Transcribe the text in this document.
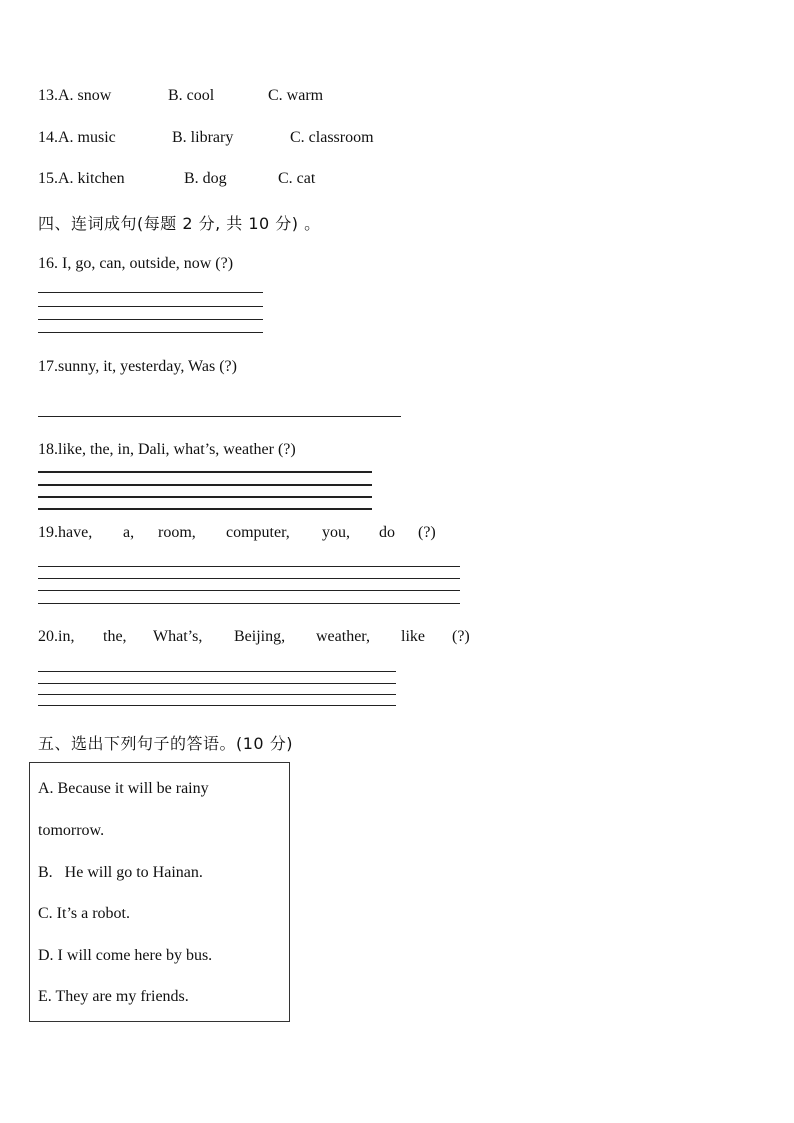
13.A. snow	B. cool	C. warm
14.A. music	B. library	C. classroom
15.A. kitchen	B. dog	C. cat
四、连词成句(每题 2 分, 共 10 分) 。
16. I, go, can, outside, now (?)
17.sunny, it, yesterday, Was (?)
18.like, the, in, Dali, what’s, weather (?)
19.have, a, room, computer, you, do (?)
20.in, the, What’s, Beijing, weather, like (?)
五、选出下列句子的答语。(10 分)
A. Because it will be rainy
tomorrow.
B.   He will go to Hainan.
C. It’s a robot.
D. I will come here by bus.
E. They are my friends.
